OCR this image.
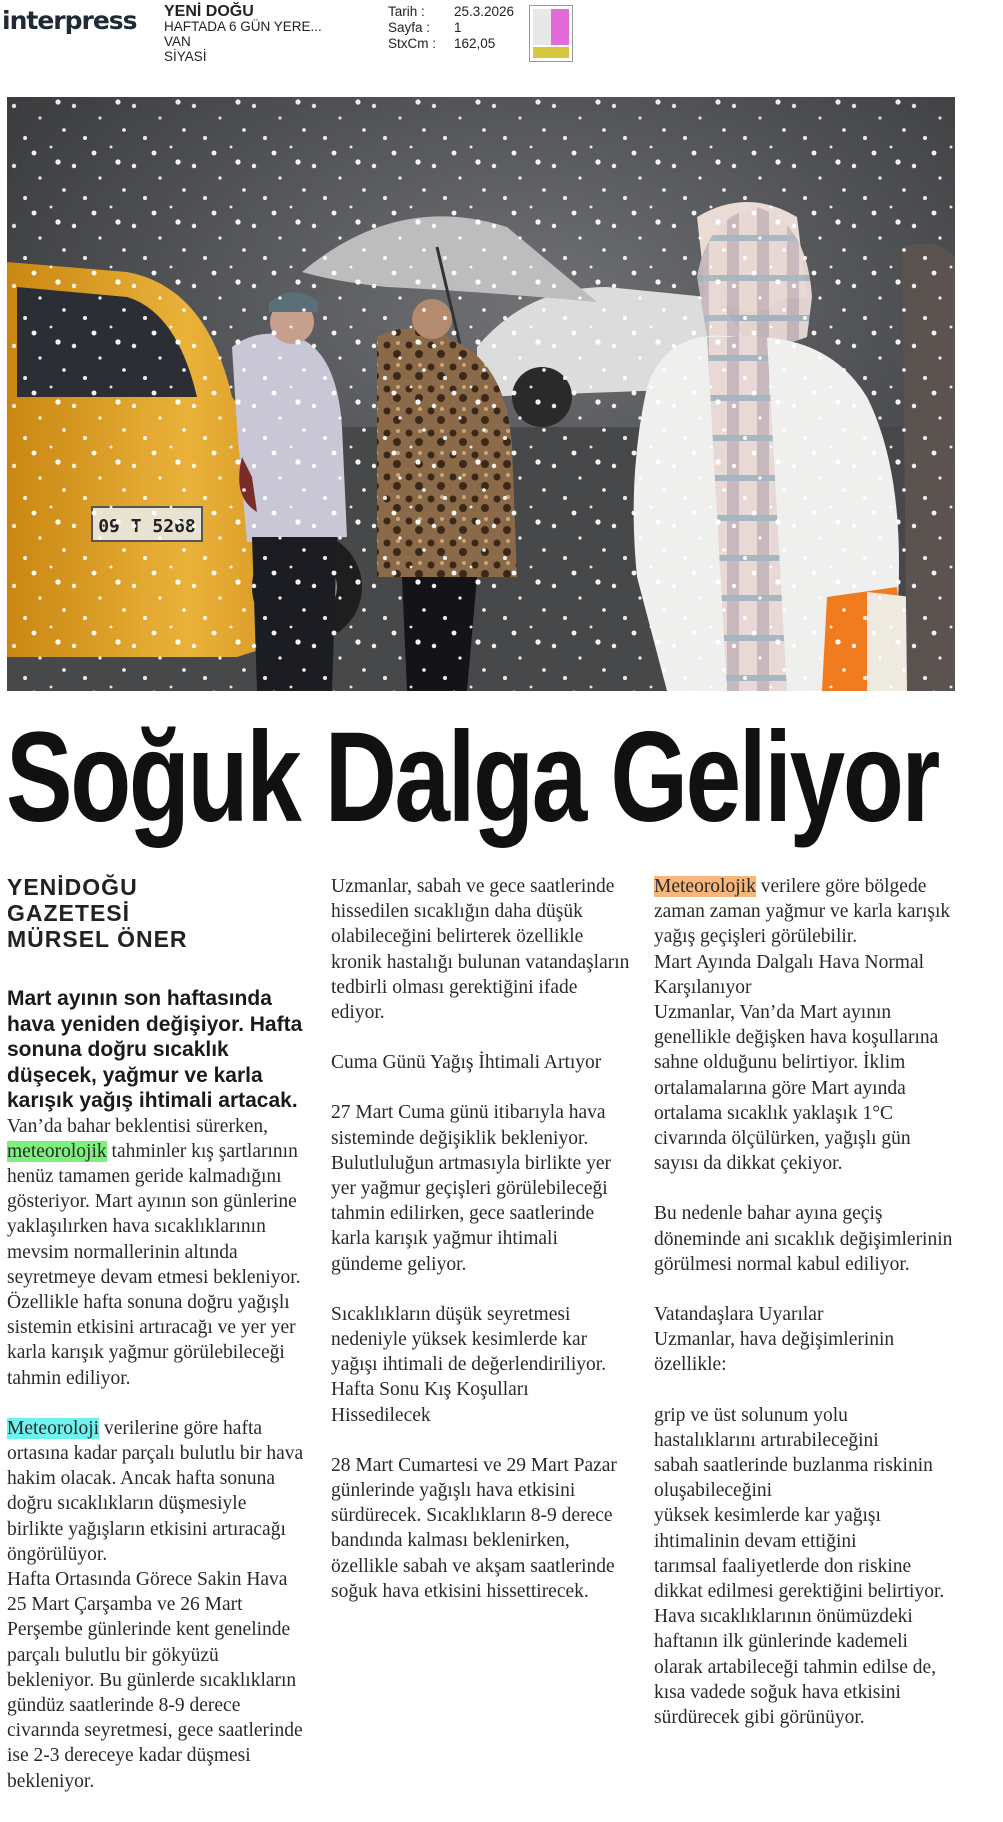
interpress YENİ DOĞU
HAFTADA 6 GÜN YERE...
VAN
SİYASİ
Tarih :	25.3.2026
Sayfa :	1
StxCm :	162,05
Soğuk Dalga Geliyor
YENİDOĞU
GAZETESİ
MÜRSEL ÖNER

Mart ayının son haftasında hava yeniden değişiyor. Hafta sonuna doğru sıcaklık düşecek, yağmur ve karla karışık yağış ihtimali artacak.

Van’da bahar beklentisi sürerken, meteorolojik tahminler kış şartlarının henüz tamamen geride kalmadığını gösteriyor. Mart ayının son günlerine yaklaşılırken hava sıcaklıklarının mevsim normallerinin altında seyretmeye devam etmesi bekleniyor. Özellikle hafta sonuna doğru yağışlı sistemin etkisini artıracağı ve yer yer karla karışık yağmur görülebileceği tahmin ediliyor.

Meteoroloji verilerine göre hafta ortasına kadar parçalı bulutlu bir hava hakim olacak. Ancak hafta sonuna doğru sıcaklıkların düşmesiyle birlikte yağışların etkisini artıracağı öngörülüyor.

Hafta Ortasında Görece Sakin Hava

25 Mart Çarşamba ve 26 Mart Perşembe günlerinde kent genelinde parçalı bulutlu bir gökyüzü bekleniyor. Bu günlerde sıcaklıkların gündüz saatlerinde 8-9 derece civarında seyretmesi, gece saatlerinde ise 2-3 dereceye kadar düşmesi bekleniyor.

Uzmanlar, sabah ve gece saatlerinde hissedilen sıcaklığın daha düşük olabileceğini belirterek özellikle kronik hastalığı bulunan vatandaşların tedbirli olması gerektiğini ifade ediyor.

Cuma Günü Yağış İhtimali Artıyor

27 Mart Cuma günü itibarıyla hava sisteminde değişiklik bekleniyor. Bulutluluğun artmasıyla birlikte yer yer yağmur geçişleri görülebileceği tahmin edilirken, gece saatlerinde karla karışık yağmur ihtimali gündeme geliyor.

Sıcaklıkların düşük seyretmesi nedeniyle yüksek kesimlerde kar yağışı ihtimali de değerlendiriliyor.

Hafta Sonu Kış Koşulları Hissedilecek

28 Mart Cumartesi ve 29 Mart Pazar günlerinde yağışlı hava etkisini sürdürecek. Sıcaklıkların 8-9 derece bandında kalması beklenirken, özellikle sabah ve akşam saatlerinde soğuk hava etkisini hissettirecek.

Meteorolojik verilere göre bölgede zaman zaman yağmur ve karla karışık yağış geçişleri görülebilir.

Mart Ayında Dalgalı Hava Normal Karşılanıyor

Uzmanlar, Van’da Mart ayının genellikle değişken hava koşullarına sahne olduğunu belirtiyor. İklim ortalamalarına göre Mart ayında ortalama sıcaklık yaklaşık 1°C civarında ölçülürken, yağışlı gün sayısı da dikkat çekiyor.

Bu nedenle bahar ayına geçiş döneminde ani sıcaklık değişimlerinin görülmesi normal kabul ediliyor.

Vatandaşlara Uyarılar

Uzmanlar, hava değişimlerinin özellikle:

grip ve üst solunum yolu hastalıklarını artırabileceğini

sabah saatlerinde buzlanma riskinin oluşabileceğini

yüksek kesimlerde kar yağışı ihtimalinin devam ettiğini

tarımsal faaliyetlerde don riskine dikkat edilmesi gerektiğini belirtiyor.

Hava sıcaklıklarının önümüzdeki haftanın ilk günlerinde kademeli olarak artabileceği tahmin edilse de, kısa vadede soğuk hava etkisini sürdürecek gibi görünüyor.
